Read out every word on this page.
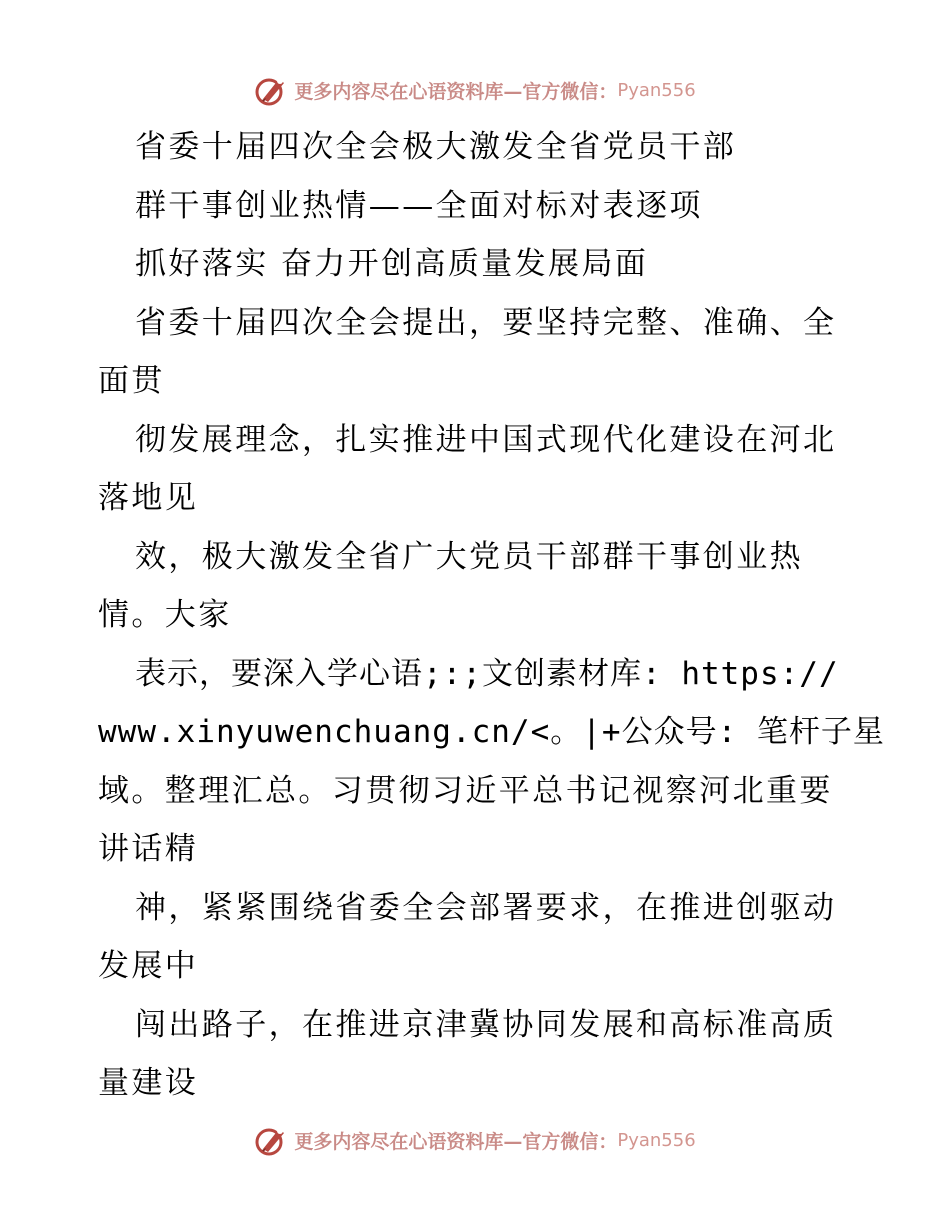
更多内容尽在心语资料库—官方微信： Pyan556
省委十届四次全会极大激发全省党员干部
群干事创业热情——全面对标对表逐项
抓好落实 奋力开创高质量发展局面
省委十届四次全会提出，要坚持完整、准确、全
面贯
彻发展理念，扎实推进中国式现代化建设在河北
落地见
效，极大激发全省广大党员干部群干事创业热
情。大家
表示，要深入学心语;:;文创素材库: https://
www.xinyuwenchuang.cn/<。|+公众号: 笔杆子星
域。整理汇总。习贯彻习近平总书记视察河北重要
讲话精
神，紧紧围绕省委全会部署要求，在推进创驱动
发展中
闯出路子，在推进京津冀协同发展和高标准高质
量建设
更多内容尽在心语资料库—官方微信： Pyan556
